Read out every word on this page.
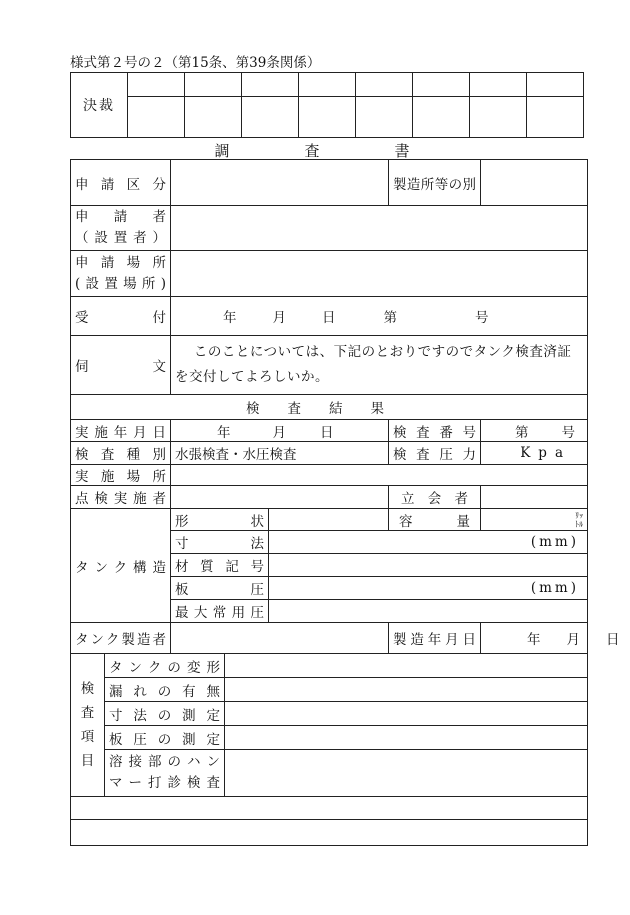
様式第２号の２（第15条、第39条関係）
決裁								

調　査　書
申請区分					製造所等の別	

申請者
（設置者）						

申請場所
(設置場所)						

受付		年 月 日 第 号				

伺文		このことについては、下記のとおりですのでタンク検査済証を交付してよろしいか。				
検査結果						

実施年月日		年 月 日			検査番号	第 号

検査種別		水張検査・水圧検査			検査圧力	Kpa

実施場所						

点検実施者					立会者	

タンク構造		形状			容量	ﾘｯ
ﾄﾙ

		寸法		(mm)		

		材質記号				

		板圧		(mm)		

		最大常用圧				

タンク製造者					製造年月日	年 月 日

検
査
項
目	タンクの変形					

	漏れの有無					

	寸法の測定					

	板圧の測定					

	溶接部のハン
マー打診検査					
